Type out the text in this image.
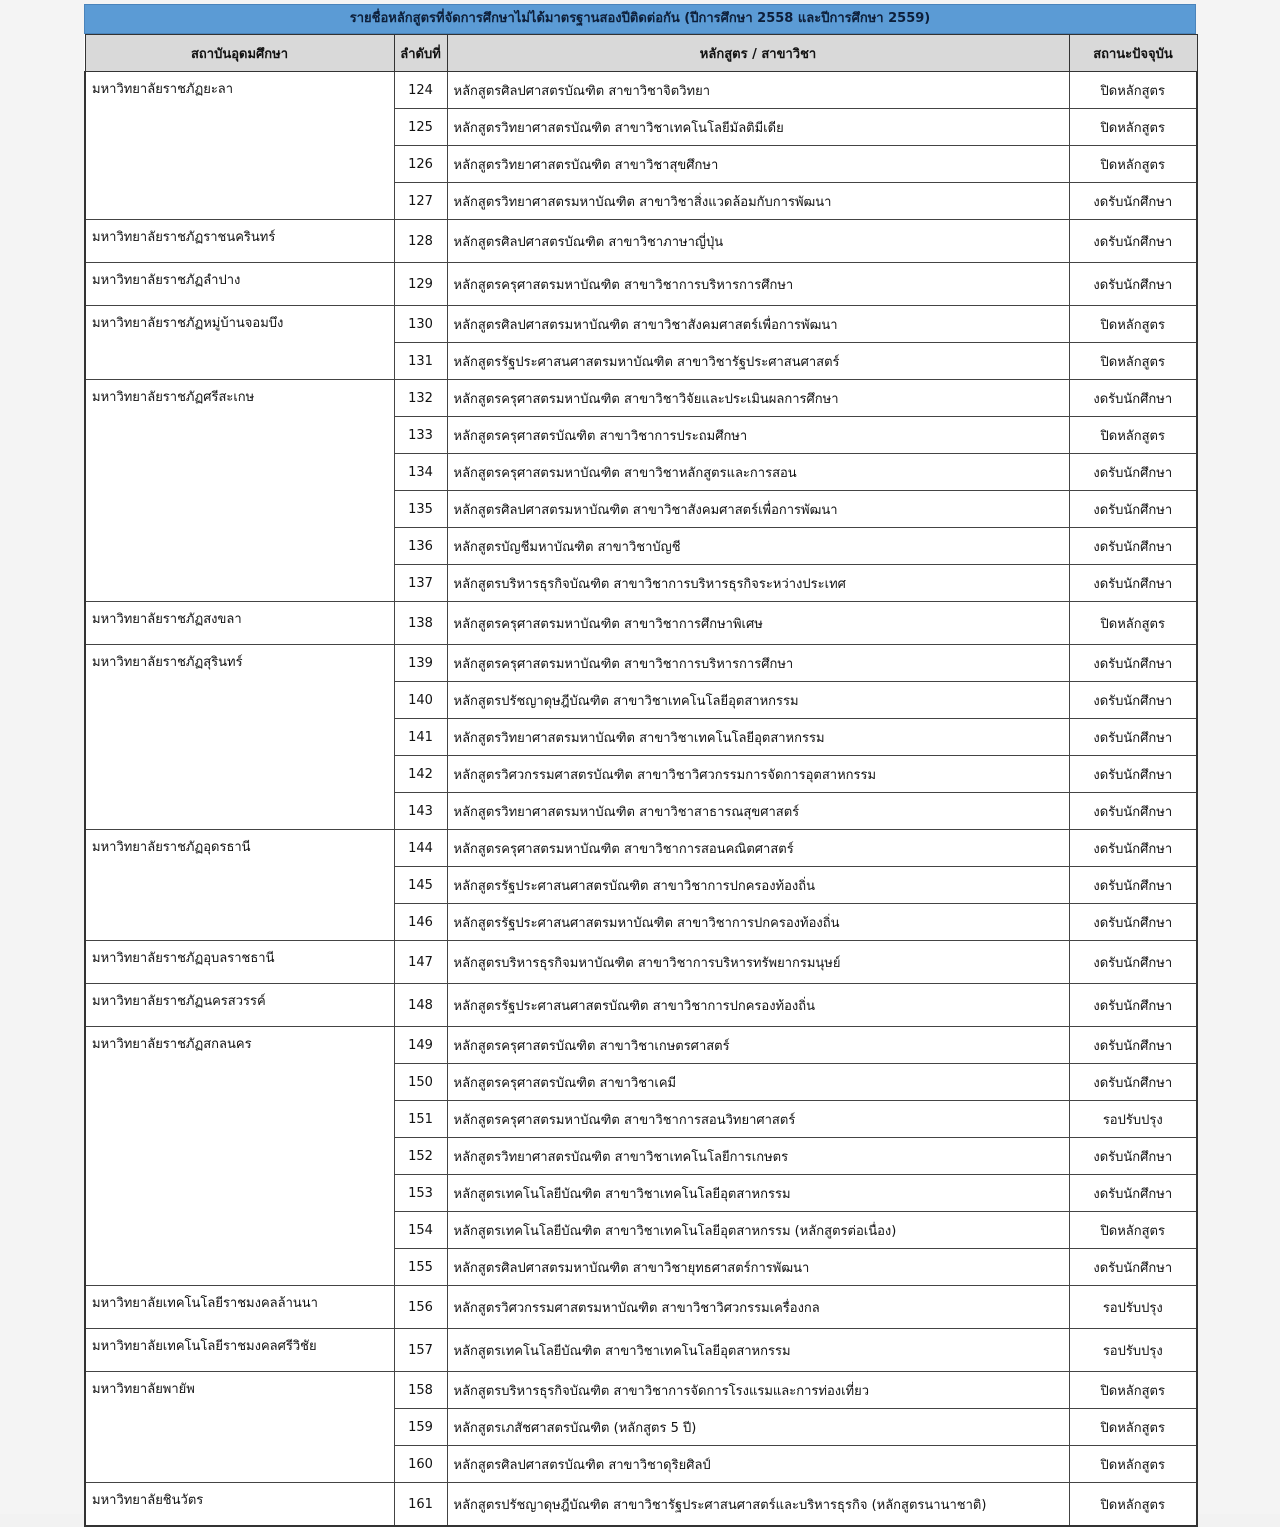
รายชื่อหลักสูตรที่จัดการศึกษาไม่ได้มาตรฐานสองปีติดต่อกัน (ปีการศึกษา 2558 และปีการศึกษา 2559)
สถาบันอุดมศึกษา	ลำดับที่	หลักสูตร / สาขาวิชา	สถานะปัจจุบัน
มหาวิทยาลัยราชภัฏยะลา	124	หลักสูตรศิลปศาสตรบัณฑิต สาขาวิชาจิตวิทยา	ปิดหลักสูตร
	125	หลักสูตรวิทยาศาสตรบัณฑิต สาขาวิชาเทคโนโลยีมัลติมีเดีย	ปิดหลักสูตร
	126	หลักสูตรวิทยาศาสตรบัณฑิต สาขาวิชาสุขศึกษา	ปิดหลักสูตร
	127	หลักสูตรวิทยาศาสตรมหาบัณฑิต สาขาวิชาสิ่งแวดล้อมกับการพัฒนา	งดรับนักศึกษา
มหาวิทยาลัยราชภัฏราชนครินทร์	128	หลักสูตรศิลปศาสตรบัณฑิต สาขาวิชาภาษาญี่ปุ่น	งดรับนักศึกษา
มหาวิทยาลัยราชภัฏลำปาง	129	หลักสูตรครุศาสตรมหาบัณฑิต สาขาวิชาการบริหารการศึกษา	งดรับนักศึกษา
มหาวิทยาลัยราชภัฏหมู่บ้านจอมบึง	130	หลักสูตรศิลปศาสตรมหาบัณฑิต สาขาวิชาสังคมศาสตร์เพื่อการพัฒนา	ปิดหลักสูตร
	131	หลักสูตรรัฐประศาสนศาสตรมหาบัณฑิต สาขาวิชารัฐประศาสนศาสตร์	ปิดหลักสูตร
มหาวิทยาลัยราชภัฏศรีสะเกษ	132	หลักสูตรครุศาสตรมหาบัณฑิต สาขาวิชาวิจัยและประเมินผลการศึกษา	งดรับนักศึกษา
	133	หลักสูตรครุศาสตรบัณฑิต สาขาวิชาการประถมศึกษา	ปิดหลักสูตร
	134	หลักสูตรครุศาสตรมหาบัณฑิต สาขาวิชาหลักสูตรและการสอน	งดรับนักศึกษา
	135	หลักสูตรศิลปศาสตรมหาบัณฑิต สาขาวิชาสังคมศาสตร์เพื่อการพัฒนา	งดรับนักศึกษา
	136	หลักสูตรบัญชีมหาบัณฑิต สาขาวิชาบัญชี	งดรับนักศึกษา
	137	หลักสูตรบริหารธุรกิจบัณฑิต สาขาวิชาการบริหารธุรกิจระหว่างประเทศ	งดรับนักศึกษา
มหาวิทยาลัยราชภัฏสงขลา	138	หลักสูตรครุศาสตรมหาบัณฑิต สาขาวิชาการศึกษาพิเศษ	ปิดหลักสูตร
มหาวิทยาลัยราชภัฏสุรินทร์	139	หลักสูตรครุศาสตรมหาบัณฑิต สาขาวิชาการบริหารการศึกษา	งดรับนักศึกษา
	140	หลักสูตรปรัชญาดุษฎีบัณฑิต สาขาวิชาเทคโนโลยีอุตสาหกรรม	งดรับนักศึกษา
	141	หลักสูตรวิทยาศาสตรมหาบัณฑิต สาขาวิชาเทคโนโลยีอุตสาหกรรม	งดรับนักศึกษา
	142	หลักสูตรวิศวกรรมศาสตรบัณฑิต สาขาวิชาวิศวกรรมการจัดการอุตสาหกรรม	งดรับนักศึกษา
	143	หลักสูตรวิทยาศาสตรมหาบัณฑิต สาขาวิชาสาธารณสุขศาสตร์	งดรับนักศึกษา
มหาวิทยาลัยราชภัฏอุดรธานี	144	หลักสูตรครุศาสตรมหาบัณฑิต สาขาวิชาการสอนคณิตศาสตร์	งดรับนักศึกษา
	145	หลักสูตรรัฐประศาสนศาสตรบัณฑิต สาขาวิชาการปกครองท้องถิ่น	งดรับนักศึกษา
	146	หลักสูตรรัฐประศาสนศาสตรมหาบัณฑิต สาขาวิชาการปกครองท้องถิ่น	งดรับนักศึกษา
มหาวิทยาลัยราชภัฏอุบลราชธานี	147	หลักสูตรบริหารธุรกิจมหาบัณฑิต สาขาวิชาการบริหารทรัพยากรมนุษย์	งดรับนักศึกษา
มหาวิทยาลัยราชภัฏนครสวรรค์	148	หลักสูตรรัฐประศาสนศาสตรบัณฑิต สาขาวิชาการปกครองท้องถิ่น	งดรับนักศึกษา
มหาวิทยาลัยราชภัฏสกลนคร	149	หลักสูตรครุศาสตรบัณฑิต สาขาวิชาเกษตรศาสตร์	งดรับนักศึกษา
	150	หลักสูตรครุศาสตรบัณฑิต สาขาวิชาเคมี	งดรับนักศึกษา
	151	หลักสูตรครุศาสตรมหาบัณฑิต สาขาวิชาการสอนวิทยาศาสตร์	รอปรับปรุง
	152	หลักสูตรวิทยาศาสตรบัณฑิต สาขาวิชาเทคโนโลยีการเกษตร	งดรับนักศึกษา
	153	หลักสูตรเทคโนโลยีบัณฑิต สาขาวิชาเทคโนโลยีอุตสาหกรรม	งดรับนักศึกษา
	154	หลักสูตรเทคโนโลยีบัณฑิต สาขาวิชาเทคโนโลยีอุตสาหกรรม (หลักสูตรต่อเนื่อง)	ปิดหลักสูตร
	155	หลักสูตรศิลปศาสตรมหาบัณฑิต สาขาวิชายุทธศาสตร์การพัฒนา	งดรับนักศึกษา
มหาวิทยาลัยเทคโนโลยีราชมงคลล้านนา	156	หลักสูตรวิศวกรรมศาสตรมหาบัณฑิต สาขาวิชาวิศวกรรมเครื่องกล	รอปรับปรุง
มหาวิทยาลัยเทคโนโลยีราชมงคลศรีวิชัย	157	หลักสูตรเทคโนโลยีบัณฑิต สาขาวิชาเทคโนโลยีอุตสาหกรรม	รอปรับปรุง
มหาวิทยาลัยพายัพ	158	หลักสูตรบริหารธุรกิจบัณฑิต สาขาวิชาการจัดการโรงแรมและการท่องเที่ยว	ปิดหลักสูตร
	159	หลักสูตรเภสัชศาสตรบัณฑิต (หลักสูตร 5 ปี)	ปิดหลักสูตร
	160	หลักสูตรศิลปศาสตรบัณฑิต สาขาวิชาดุริยศิลป์	ปิดหลักสูตร
มหาวิทยาลัยชินวัตร	161	หลักสูตรปรัชญาดุษฎีบัณฑิต สาขาวิชารัฐประศาสนศาสตร์และบริหารธุรกิจ (หลักสูตรนานาชาติ)	ปิดหลักสูตร
